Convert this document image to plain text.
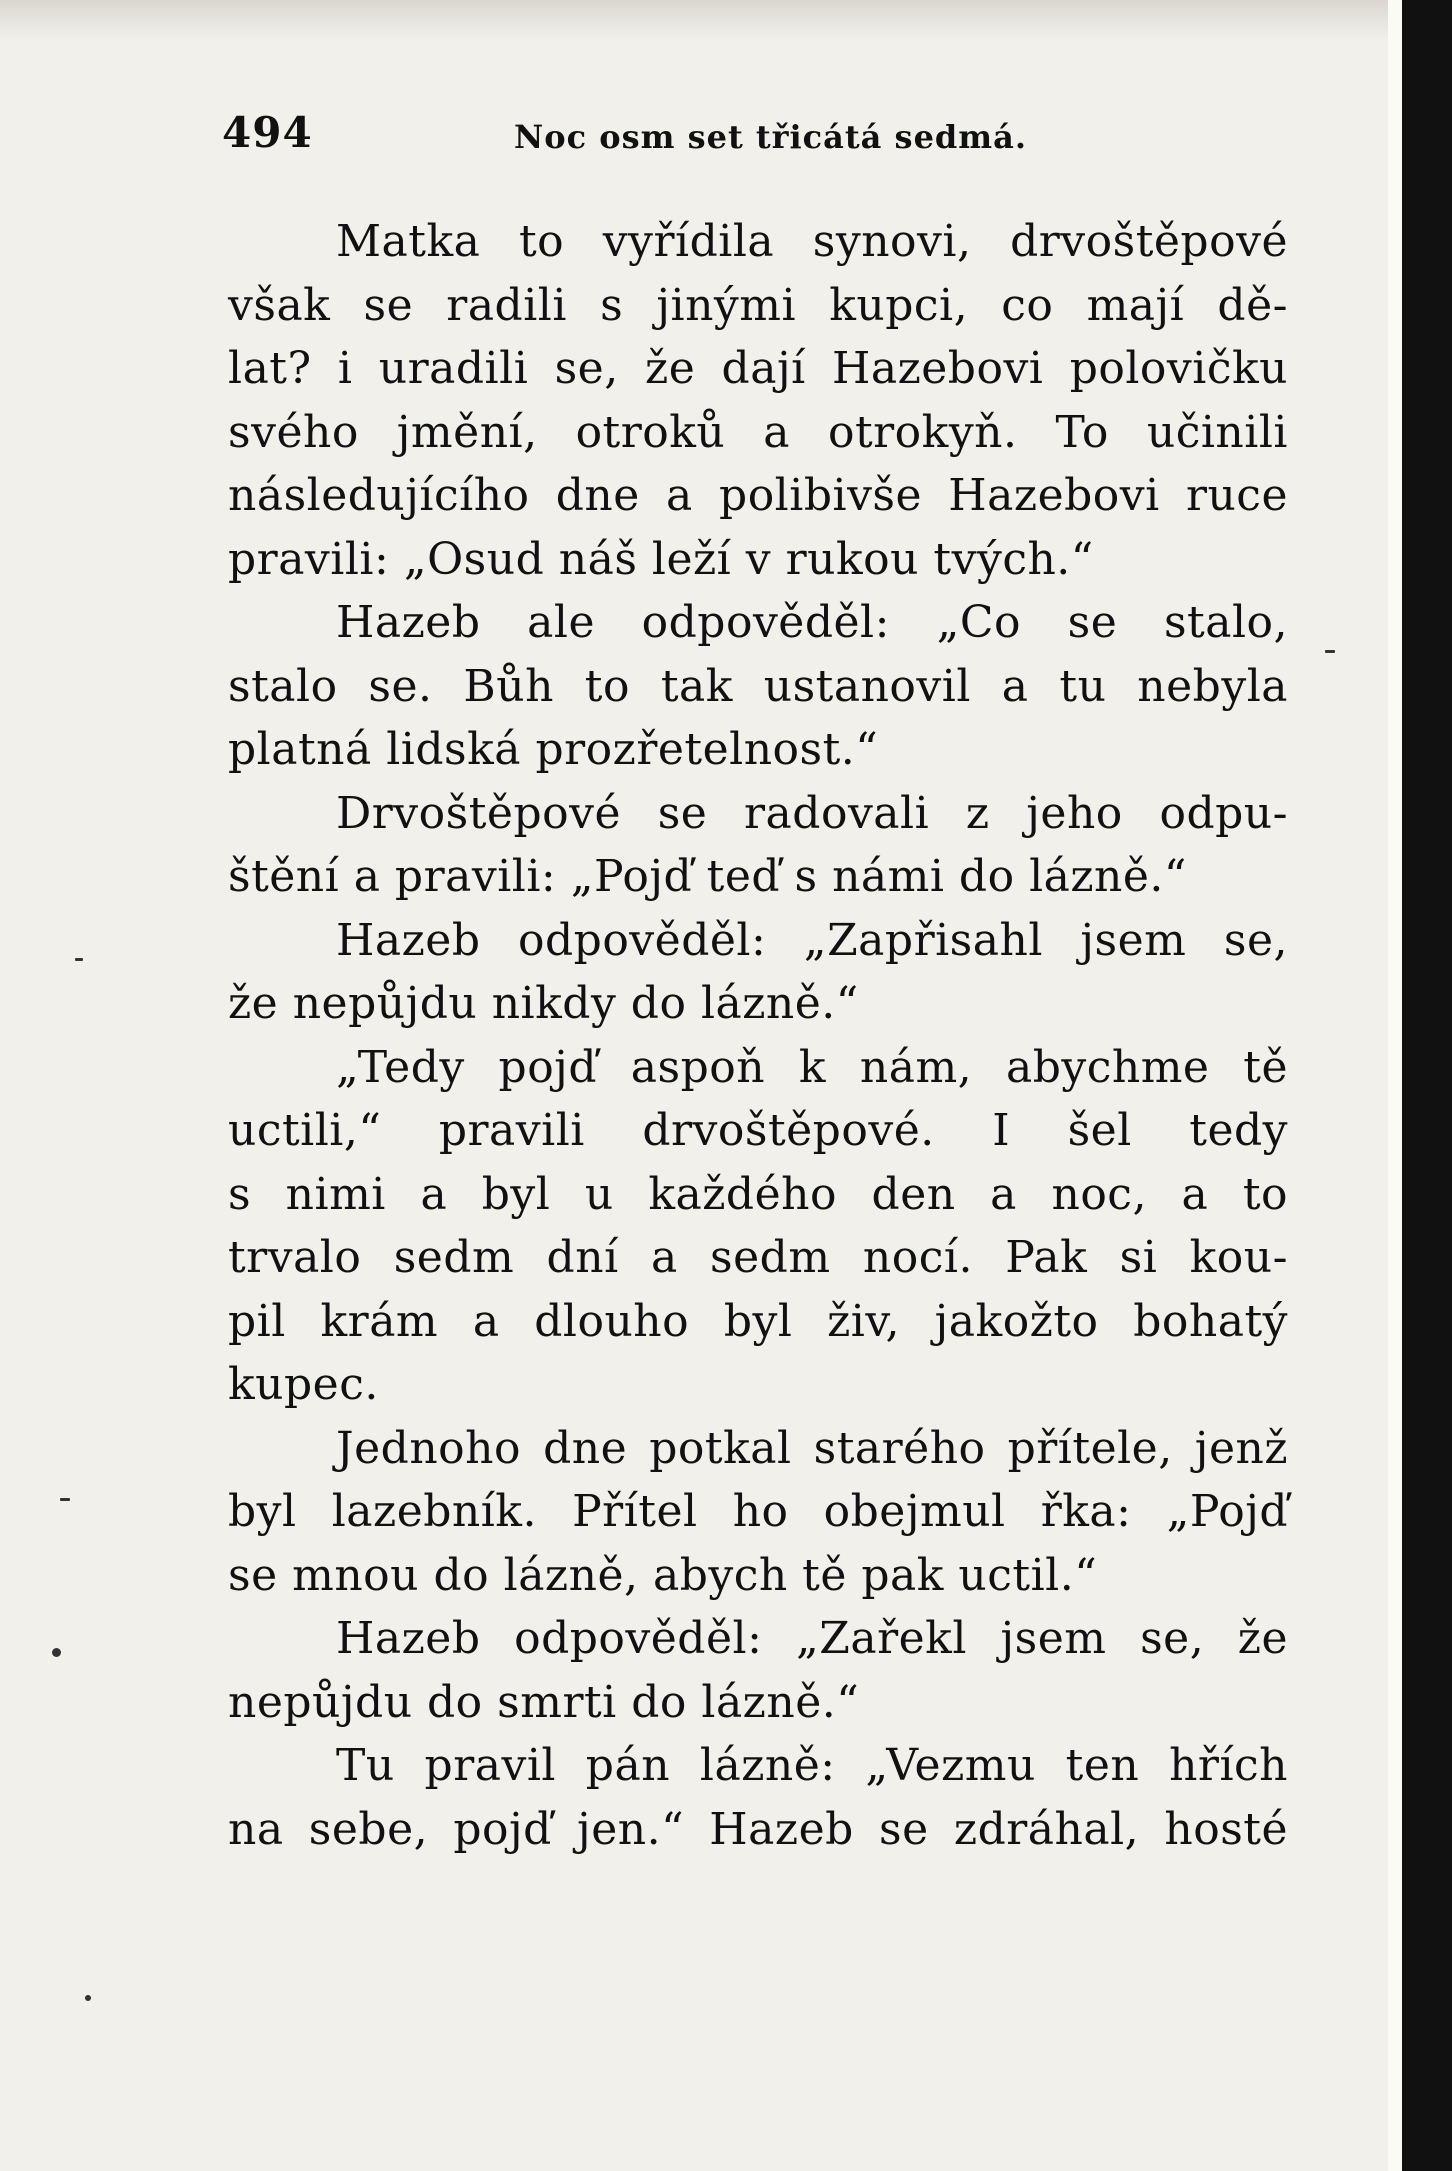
494	Noc osm set třicátá sedmá.
Matka to vyřídila synovi, drvoštěpové
však se radili s jinými kupci, co mají dě-
lat? i uradili se, že dají Hazebovi polovičku
svého jmění, otroků a otrokyň. To učinili
následujícího dne a polibivše Hazebovi ruce
pravili: „Osud náš leží v rukou tvých.“
Hazeb ale odpověděl: „Co se stalo,
stalo se. Bůh to tak ustanovil a tu nebyla
platná lidská prozřetelnost.“
Drvoštěpové se radovali z jeho odpu-
štění a pravili: „Pojď teď s námi do lázně.“
Hazeb odpověděl: „Zapřisahl jsem se,
že nepůjdu nikdy do lázně.“
„Tedy pojď aspoň k nám, abychme tě
uctili,“ pravili drvoštěpové. I šel tedy
s nimi a byl u každého den a noc, a to
trvalo sedm dní a sedm nocí. Pak si kou-
pil krám a dlouho byl živ, jakožto bohatý
kupec.
Jednoho dne potkal starého přítele, jenž
byl lazebník. Přítel ho obejmul řka: „Pojď
se mnou do lázně, abych tě pak uctil.“
Hazeb odpověděl: „Zařekl jsem se, že
nepůjdu do smrti do lázně.“
Tu pravil pán lázně: „Vezmu ten hřích
na sebe, pojď jen.“ Hazeb se zdráhal, hosté
